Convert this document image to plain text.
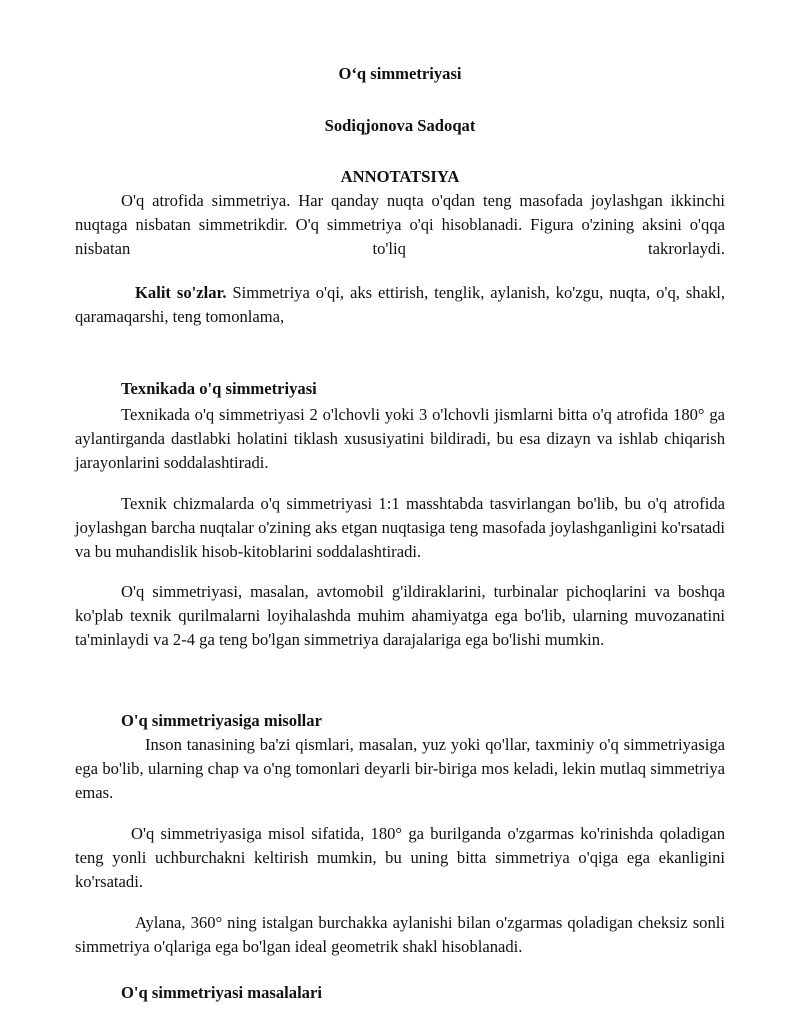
O‘q simmetriyasi

Sodiqjonova Sadoqat

ANNOTATSIYA

O'q atrofida simmetriya. Har qanday nuqta o'qdan teng masofada joylashgan ikkinchi nuqtaga nisbatan simmetrikdir. O'q simmetriya o'qi hisoblanadi. Figura o'zining aksini o'qqa nisbatan to'liq takrorlaydi.

Kalit so'zlar. Simmetriya o'qi, aks ettirish, tenglik, aylanish, ko'zgu, nuqta, o'q, shakl, qaramaqarshi, teng tomonlama,

Texnikada o'q simmetriyasi

Texnikada o'q simmetriyasi 2 o'lchovli yoki 3 o'lchovli jismlarni bitta o'q atrofida 180° ga aylantirganda dastlabki holatini tiklash xususiyatini bildiradi, bu esa dizayn va ishlab chiqarish jarayonlarini soddalashtiradi.

Texnik chizmalarda o'q simmetriyasi 1:1 masshtabda tasvirlangan bo'lib, bu o'q atrofida joylashgan barcha nuqtalar o'zining aks etgan nuqtasiga teng masofada joylashganligini ko'rsatadi va bu muhandislik hisob-kitoblarini soddalashtiradi.

O'q simmetriyasi, masalan, avtomobil g'ildiraklarini, turbinalar pichoqlarini va boshqa ko'plab texnik qurilmalarni loyihalashda muhim ahamiyatga ega bo'lib, ularning muvozanatini ta'minlaydi va 2-4 ga teng bo'lgan simmetriya darajalariga ega bo'lishi mumkin.

O'q simmetriyasiga misollar

Inson tanasining ba'zi qismlari, masalan, yuz yoki qo'llar, taxminiy o'q simmetriyasiga ega bo'lib, ularning chap va o'ng tomonlari deyarli bir-biriga mos keladi, lekin mutlaq simmetriya emas.

O'q simmetriyasiga misol sifatida, 180° ga burilganda o'zgarmas ko'rinishda qoladigan teng yonli uchburchakni keltirish mumkin, bu uning bitta simmetriya o'qiga ega ekanligini ko'rsatadi.

Aylana, 360° ning istalgan burchakka aylanishi bilan o'zgarmas qoladigan cheksiz sonli simmetriya o'qlariga ega bo'lgan ideal geometrik shakl hisoblanadi.

O'q simmetriyasi masalalari
